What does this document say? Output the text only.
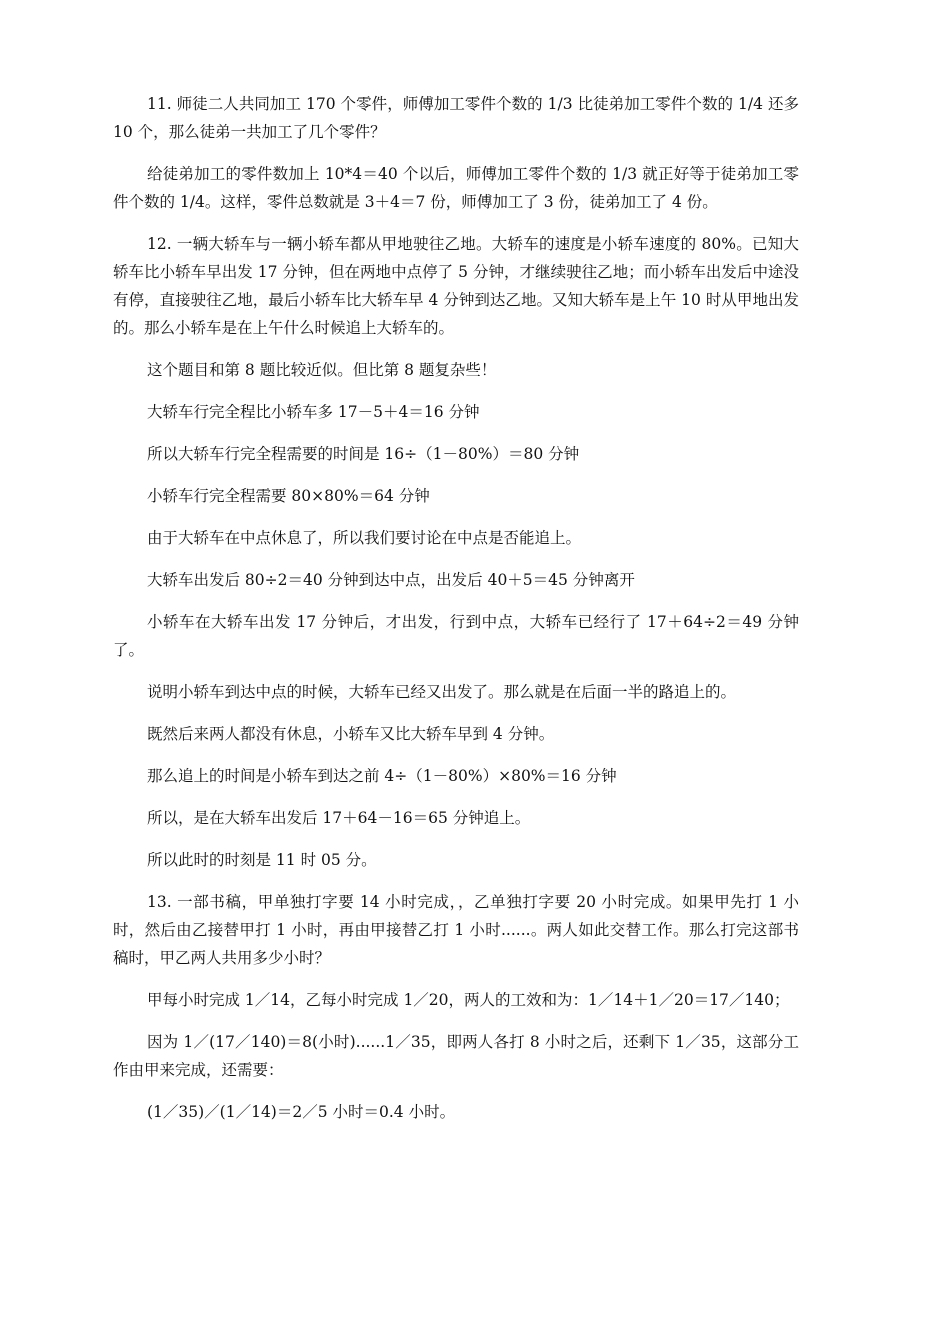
11. 师徒二人共同加工 170 个零件，师傅加工零件个数的 1/3 比徒弟加工零件个数的 1/4 还多 10 个，那么徒弟一共加工了几个零件？

给徒弟加工的零件数加上 10*4＝40 个以后，师傅加工零件个数的 1/3 就正好等于徒弟加工零件个数的 1/4。这样，零件总数就是 3＋4＝7 份，师傅加工了 3 份，徒弟加工了 4 份。

12. 一辆大轿车与一辆小轿车都从甲地驶往乙地。大轿车的速度是小轿车速度的 80%。已知大轿车比小轿车早出发 17 分钟，但在两地中点停了 5 分钟，才继续驶往乙地；而小轿车出发后中途没有停，直接驶往乙地，最后小轿车比大轿车早 4 分钟到达乙地。又知大轿车是上午 10 时从甲地出发的。那么小轿车是在上午什么时候追上大轿车的。

这个题目和第 8 题比较近似。但比第 8 题复杂些！

大轿车行完全程比小轿车多 17－5＋4＝16 分钟

所以大轿车行完全程需要的时间是 16÷（1－80%）＝80 分钟

小轿车行完全程需要 80×80%＝64 分钟

由于大轿车在中点休息了，所以我们要讨论在中点是否能追上。

大轿车出发后 80÷2＝40 分钟到达中点，出发后 40＋5＝45 分钟离开

小轿车在大轿车出发 17 分钟后，才出发，行到中点，大轿车已经行了 17＋64÷2＝49 分钟了。

说明小轿车到达中点的时候，大轿车已经又出发了。那么就是在后面一半的路追上的。

既然后来两人都没有休息，小轿车又比大轿车早到 4 分钟。

那么追上的时间是小轿车到达之前 4÷（1－80%）×80%＝16 分钟

所以，是在大轿车出发后 17＋64－16＝65 分钟追上。

所以此时的时刻是 11 时 05 分。

13. 一部书稿，甲单独打字要 14 小时完成，，乙单独打字要 20 小时完成。如果甲先打 1 小时，然后由乙接替甲打 1 小时，再由甲接替乙打 1 小时......。两人如此交替工作。那么打完这部书稿时，甲乙两人共用多少小时？

甲每小时完成 1／14，乙每小时完成 1／20，两人的工效和为：1／14＋1／20＝17／140；

因为 1／(17／140)＝8(小时)......1／35，即两人各打 8 小时之后，还剩下 1／35，这部分工作由甲来完成，还需要：

(1／35)／(1／14)＝2／5 小时＝0.4 小时。
